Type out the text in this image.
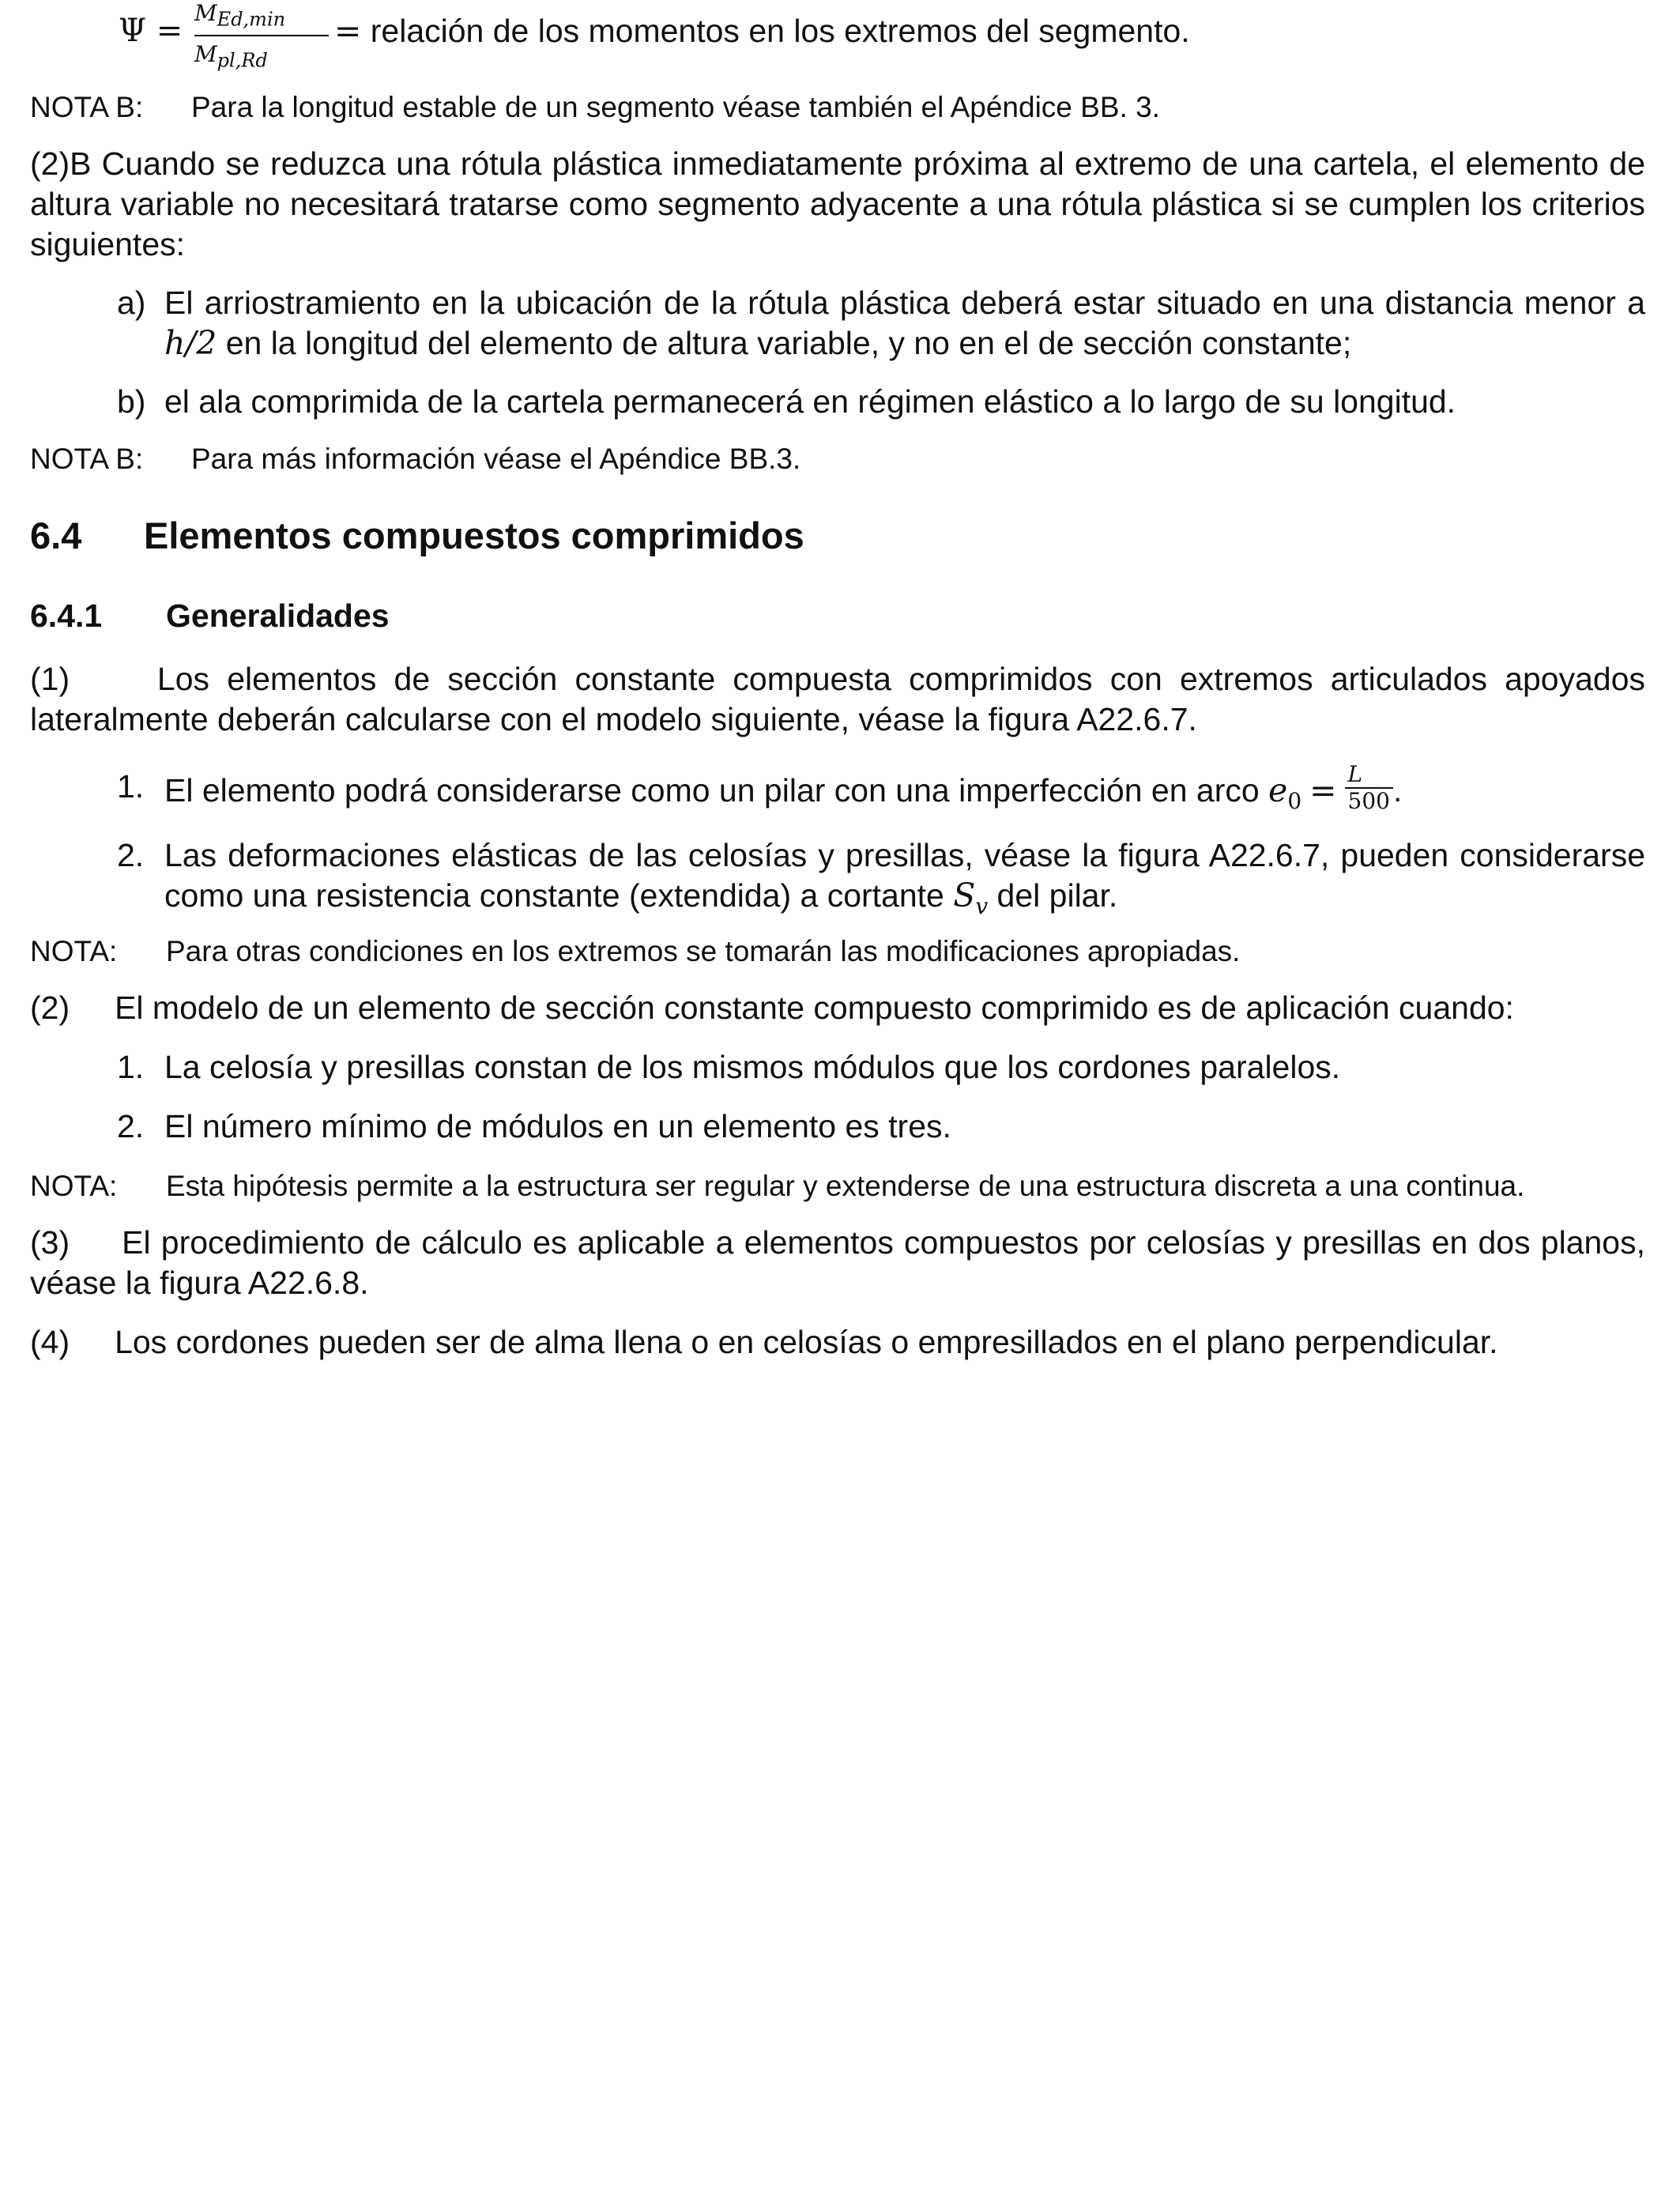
$\Psi = M_{Ed,min}$
$M_{pl,Rd}$
= relación de los momentos en los extremos del segmento.
NOTA B: Para la longitud estable de un segmento véase también el Apéndice BB. 3.
(2)B Cuando se reduzca una rótula plástica inmediatamente próxima al extremo de una cartela, el elemento de altura variable no necesitará tratarse como segmento adyacente a una rótula plástica si se cumplen los criterios siguientes:
a) El arriostramiento en la ubicación de la rótula plástica deberá estar situado en una distancia menor a h/2 en la longitud del elemento de altura variable, y no en el de sección constante;
b) el ala comprimida de la cartela permanecerá en régimen elástico a lo largo de su longitud.
NOTA B: Para más información véase el Apéndice BB.3.
6.4 Elementos compuestos comprimidos
6.4.1 Generalidades
(1)     Los elementos de sección constante compuesta comprimidos con extremos articulados apoyados lateralmente deberán calcularse con el modelo siguiente, véase la figura A22.6.7.
1. El elemento podrá considerarse como un pilar con una imperfección en arco $e_0 = \frac{L}{500}$ .
2. Las deformaciones elásticas de las celosías y presillas, véase la figura A22.6.7, pueden considerarse como una resistencia constante (extendida) a cortante $S_v$ del pilar.
NOTA: Para otras condiciones en los extremos se tomarán las modificaciones apropiadas.
(2)     El modelo de un elemento de sección constante compuesto comprimido es de aplicación cuando:
1. La celosía y presillas constan de los mismos módulos que los cordones paralelos.
2. El número mínimo de módulos en un elemento es tres.
NOTA: Esta hipótesis permite a la estructura ser regular y extenderse de una estructura discreta a una continua.
(3)     El procedimiento de cálculo es aplicable a elementos compuestos por celosías y presillas en dos planos, véase la figura A22.6.8.
(4)     Los cordones pueden ser de alma llena o en celosías o empresillados en el plano perpendicular.
